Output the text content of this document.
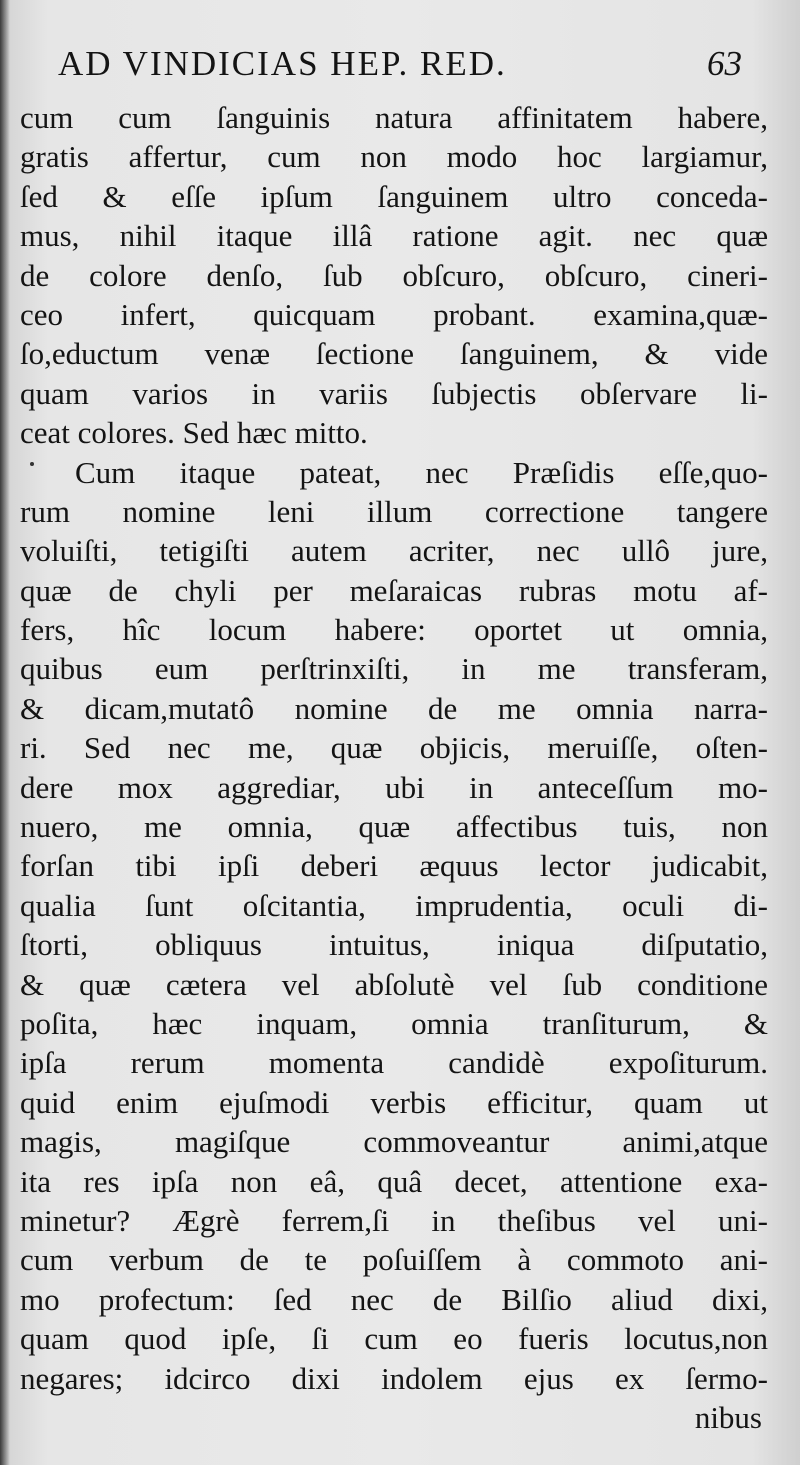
AD VINDICIAS HEP. RED.	63
cum cum ſanguinis natura affinitatem habere,
gratis affertur, cum non modo hoc largiamur,
ſed & eſſe ipſum ſanguinem ultro conceda-
mus, nihil itaque illâ ratione agit. nec quæ
de colore denſo, ſub obſcuro, obſcuro, cineri-
ceo infert, quicquam probant. examina,quæ-
ſo,eductum venæ ſectione ſanguinem, & vide
quam varios in variis ſubjectis obſervare li-
ceat colores. Sed hæc mitto.
Cum itaque pateat, nec Præſidis eſſe,quo-
rum nomine leni illum correctione tangere
voluiſti, tetigiſti autem acriter, nec ullô jure,
quæ de chyli per meſaraicas rubras motu af-
fers, hîc locum habere: oportet ut omnia,
quibus eum perſtrinxiſti, in me transferam,
& dicam,mutatô nomine de me omnia narra-
ri. Sed nec me, quæ objicis, meruiſſe, oſten-
dere mox aggrediar, ubi in anteceſſum mo-
nuero, me omnia, quæ affectibus tuis, non
forſan tibi ipſi deberi æquus lector judicabit,
qualia ſunt oſcitantia, imprudentia, oculi di-
ſtorti, obliquus intuitus, iniqua diſputatio,
& quæ cætera vel abſolutè vel ſub conditione
poſita, hæc inquam, omnia tranſiturum, &
ipſa rerum momenta candidè expoſiturum.
quid enim ejuſmodi verbis efficitur, quam ut
magis, magiſque commoveantur animi,atque
ita res ipſa non eâ, quâ decet, attentione exa-
minetur? Ægrè ferrem,ſi in theſibus vel uni-
cum verbum de te poſuiſſem à commoto ani-
mo profectum: ſed nec de Bilſio aliud dixi,
quam quod ipſe, ſi cum eo fueris locutus,non
negares; idcirco dixi indolem ejus ex ſermo-
nibus
